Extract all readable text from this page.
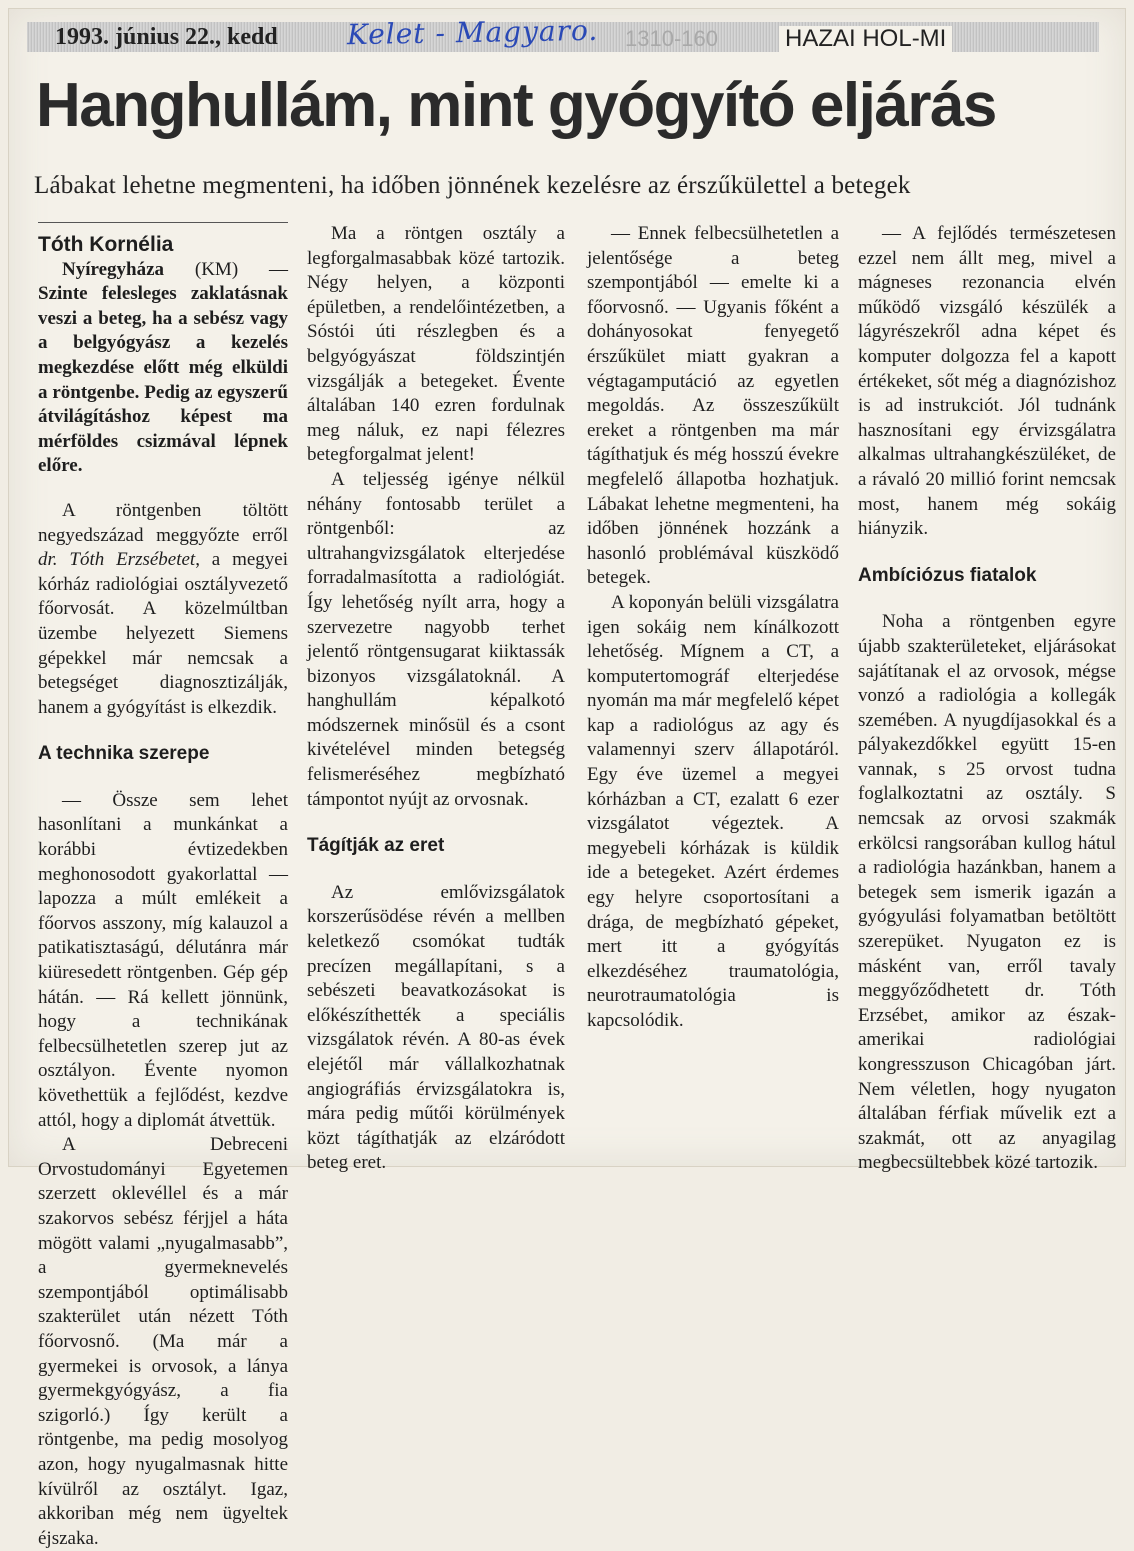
1993. június 22., kedd Kelet - Magyaro. 1310-160	HAZAI HOL-MI
Hanghullám, mint gyógyító eljárás

Lábakat lehetne megmenteni, ha időben jönnének kezelésre az érszűkülettel a betegek

Tóth Kornélia

Nyíregyháza (KM) — Szinte felesleges zaklatásnak veszi a beteg, ha a sebész vagy a belgyógyász a kezelés megkezdése előtt még elküldi a röntgenbe. Pedig az egyszerű átvilágításhoz képest ma mérföldes csizmával lépnek előre.

A röntgenben töltött negyedszázad meggyőzte erről dr. Tóth Erzsébetet, a megyei kórház radiológiai osztályvezető főorvosát. A közelmúltban üzembe helyezett Siemens gépekkel már nemcsak a betegséget diagnosztizálják, hanem a gyógyítást is elkezdik.

A technika szerepe

— Össze sem lehet hasonlítani a munkánkat a korábbi évtizedekben meghonosodott gyakorlattal — lapozza a múlt emlékeit a főorvos asszony, míg kalauzol a patikatisztaságú, délutánra már kiüresedett röntgenben. Gép gép hátán. — Rá kellett jönnünk, hogy a technikának felbecsülhetetlen szerep jut az osztályon. Évente nyomon követhettük a fejlődést, kezdve attól, hogy a diplomát átvettük.

A Debreceni Orvostudományi Egyetemen szerzett oklevéllel és a már szakorvos sebész férjjel a háta mögött valami „nyugalmasabb”, a gyermeknevelés szempontjából optimálisabb szakterület után nézett Tóth főorvosnő. (Ma már a gyermekei is orvosok, a lánya gyermekgyógyász, a fia szigorló.) Így került a röntgenbe, ma pedig mosolyog azon, hogy nyugalmasnak hitte kívülről az osztályt. Igaz, akkoriban még nem ügyeltek éjszaka.

Ma a röntgen osztály a legforgalmasabbak közé tartozik. Négy helyen, a központi épületben, a rendelőintézetben, a Sóstói úti részlegben és a belgyógyászat földszintjén vizsgálják a betegeket. Évente általában 140 ezren fordulnak meg náluk, ez napi félezres betegforgalmat jelent!

A teljesség igénye nélkül néhány fontosabb terület a röntgenből: az ultrahangvizsgálatok elterjedése forradalmasította a radiológiát. Így lehetőség nyílt arra, hogy a szervezetre nagyobb terhet jelentő röntgensugarat kiiktassák bizonyos vizsgálatoknál. A hanghullám képalkotó módszernek minősül és a csont kivételével minden betegség felismeréséhez megbízható támpontot nyújt az orvosnak.

Tágítják az eret

Az emlővizsgálatok korszerűsödése révén a mellben keletkező csomókat tudták precízen megállapítani, s a sebészeti beavatkozásokat is előkészíthették a speciális vizsgálatok révén. A 80-as évek elejétől már vállalkozhatnak angiográfiás érvizsgálatokra is, mára pedig műtői körülmények közt tágíthatják az elzáródott beteg eret.

— Ennek felbecsülhetetlen a jelentősége a beteg szempontjából — emelte ki a főorvosnő. — Ugyanis főként a dohányosokat fenyegető érszűkület miatt gyakran a végtagamputáció az egyetlen megoldás. Az összeszűkült ereket a röntgenben ma már tágíthatjuk és még hosszú évekre megfelelő állapotba hozhatjuk. Lábakat lehetne megmenteni, ha időben jönnének hozzánk a hasonló problémával küszködő betegek.

A koponyán belüli vizsgálatra igen sokáig nem kínálkozott lehetőség. Mígnem a CT, a komputertomográf elterjedése nyomán ma már megfelelő képet kap a radiológus az agy és valamennyi szerv állapotáról. Egy éve üzemel a megyei kórházban a CT, ezalatt 6 ezer vizsgálatot végeztek. A megyebeli kórházak is küldik ide a betegeket. Azért érdemes egy helyre csoportosítani a drága, de megbízható gépeket, mert itt a gyógyítás elkezdéséhez traumatológia, neurotraumatológia is kapcsolódik.

— A fejlődés természetesen ezzel nem állt meg, mivel a mágneses rezonancia elvén működő vizsgáló készülék a lágyrészekről adna képet és komputer dolgozza fel a kapott értékeket, sőt még a diagnózishoz is ad instrukciót. Jól tudnánk hasznosítani egy érvizsgálatra alkalmas ultrahangkészüléket, de a rávaló 20 millió forint nemcsak most, hanem még sokáig hiányzik.

Ambíciózus fiatalok

Noha a röntgenben egyre újabb szakterületeket, eljárásokat sajátítanak el az orvosok, mégse vonzó a radiológia a kollegák szemében. A nyugdíjasokkal és a pályakezdőkkel együtt 15-en vannak, s 25 orvost tudna foglalkoztatni az osztály. S nemcsak az orvosi szakmák erkölcsi rangsorában kullog hátul a radiológia hazánkban, hanem a betegek sem ismerik igazán a gyógyulási folyamatban betöltött szerepüket. Nyugaton ez is másként van, erről tavaly meggyőződhetett dr. Tóth Erzsébet, amikor az észak-amerikai radiológiai kongresszuson Chicagóban járt. Nem véletlen, hogy nyugaton általában férfiak művelik ezt a szakmát, ott az anyagilag megbecsültebbek közé tartozik.
